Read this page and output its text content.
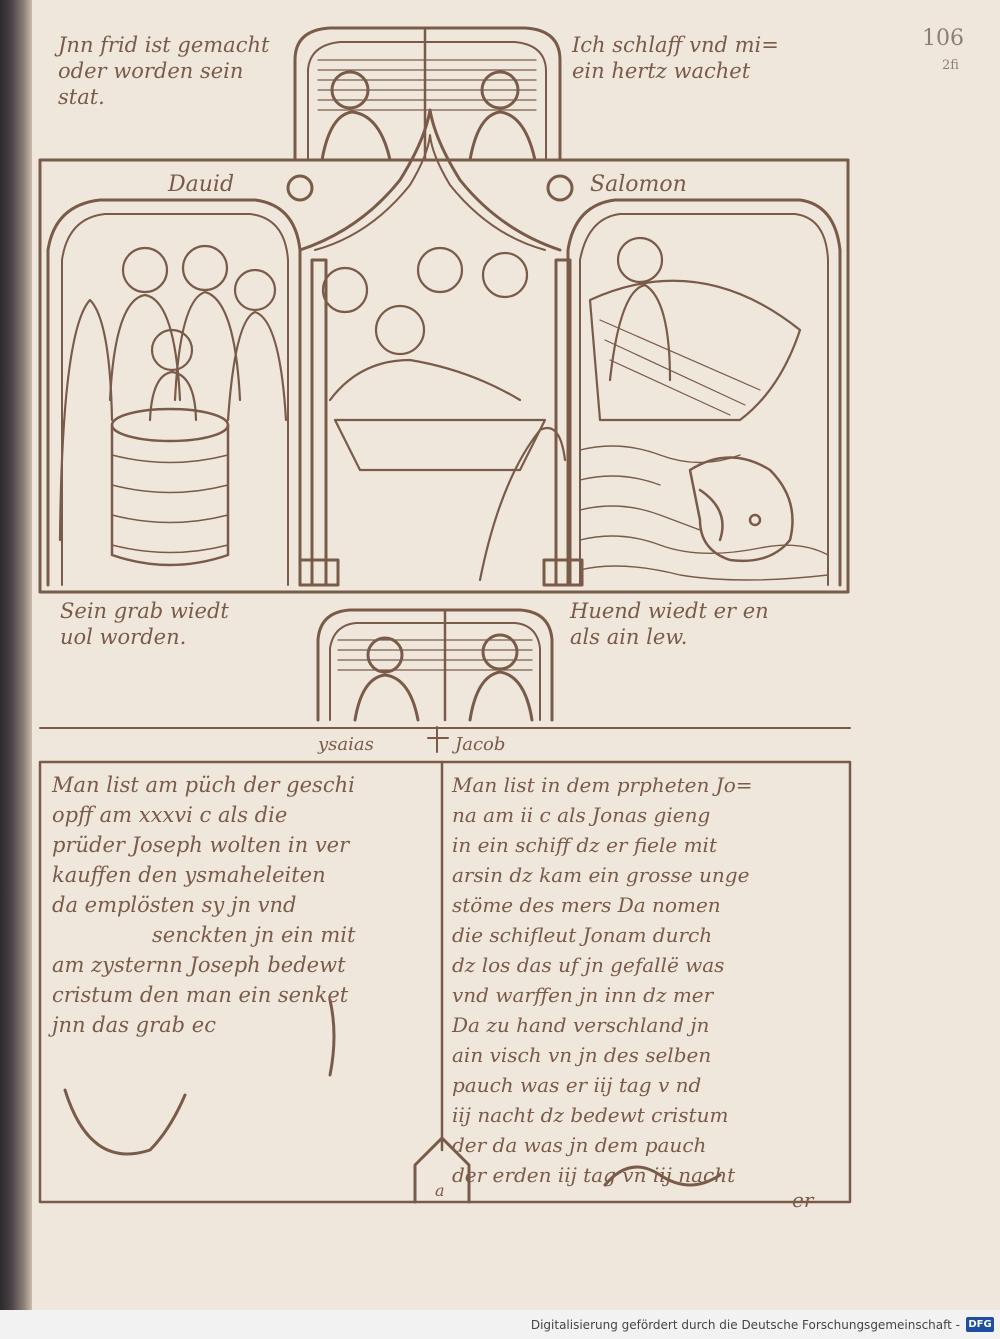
Jnn frid ist gemacht
oder worden sein
stat.
Ich schlaff vnd mi=
ein hertz wachet
Dauid	Salomon
Sein grab wiedt
uol worden.
Huend wiedt er en
als ain lew.
ysaias	Jacob
Man list am püch der geschi
opff am xxxvi c als die
prüder Joseph wolten in ver
kauffen den ysmaheleiten
da emplösten sy jn vnd
senckten jn ein mit
am zysternn Joseph bedewt
cristum den man ein senket
jnn das grab ec
Man list in dem prpheten Jo=
na am ii c als Jonas gieng
in ein schiff dz er fiele mit
arsin dz kam ein grosse unge
stöme des mers Da nomen
die schifleut Jonam durch
dz los das uf jn gefallë was
vnd warffen jn inn dz mer
Da zu hand verschland jn
ain visch vn jn des selben
pauch was er iij tag v nd
iij nacht dz bedewt cristum
der da was jn dem pauch
der erden iij tag vn iij nacht
er
a
106
2fi
Digitalisierung gefördert durch die Deutsche Forschungsgemeinschaft - DFG
